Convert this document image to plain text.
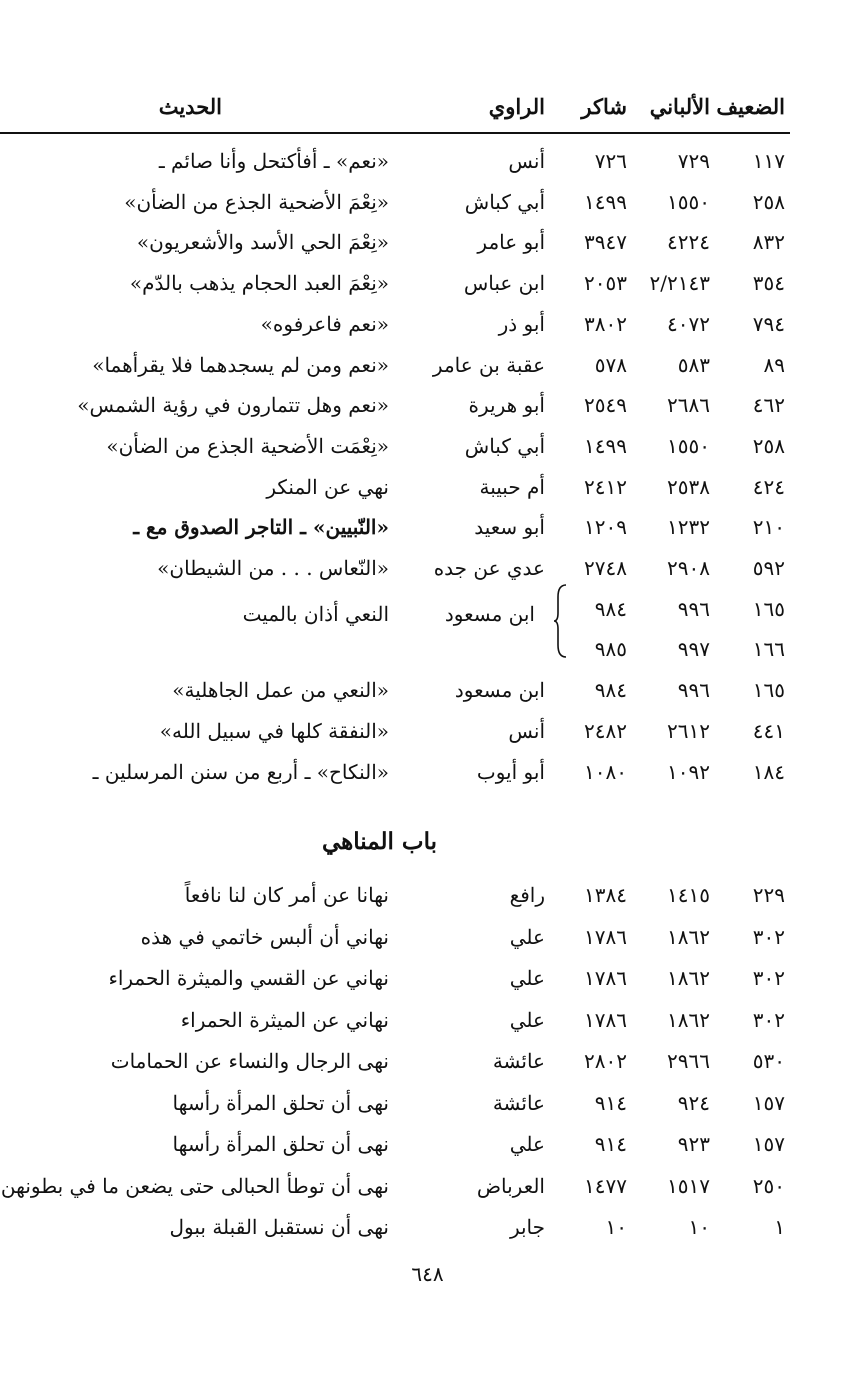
الضعيف
الألباني
شاكر
الراوي
الحديث
١١٧
٧٢٩
٧٢٦
أنس
«نعم» ـ أفأكتحل وأنا صائم ـ
٢٥٨
١٥٥٠
١٤٩٩
أبي كباش
«نِعْمَ الأضحية الجذع من الضأن»
٨٣٢
٤٢٢٤
٣٩٤٧
أبو عامر
«نِعْمَ الحي الأسد والأشعريون»
٣٥٤
٢/٢١٤٣
٢٠٥٣
ابن عباس
«نِعْمَ العبد الحجام يذهب بالدّم»
٧٩٤
٤٠٧٢
٣٨٠٢
أبو ذر
«نعم فاعرفوه»
٨٩
٥٨٣
٥٧٨
عقبة بن عامر
«نعم ومن لم يسجدهما فلا يقرأهما»
٤٦٢
٢٦٨٦
٢٥٤٩
أبو هريرة
«نعم وهل تتمارون في رؤية الشمس»
٢٥٨
١٥٥٠
١٤٩٩
أبي كباش
«نِعْمَت الأضحية الجذع من الضأن»
٤٢٤
٢٥٣٨
٢٤١٢
أم حبيبة
نهي عن المنكر
٢١٠
١٢٣٢
١٢٠٩
أبو سعيد
«النّبيين» ـ التاجر الصدوق مع ـ
٥٩٢
٢٩٠٨
٢٧٤٨
عدي عن جده
«النّعاس . . . من الشيطان»
١٦٥
٩٩٦
٩٨٤
١٦٦
٩٩٧
٩٨٥
١٦٥
٩٩٦
٩٨٤
ابن مسعود
«النعي من عمل الجاهلية»
٤٤١
٢٦١٢
٢٤٨٢
أنس
«النفقة كلها في سبيل الله»
١٨٤
١٠٩٢
١٠٨٠
أبو أيوب
«النكاح» ـ أربع من سنن المرسلين ـ
ابن مسعود
النعي أذان بالميت
باب المناهي
٢٢٩
١٤١٥
١٣٨٤
رافع
نهانا عن أمر كان لنا نافعاً
٣٠٢
١٨٦٢
١٧٨٦
علي
نهاني أن ألبس خاتمي في هذه
٣٠٢
١٨٦٢
١٧٨٦
علي
نهاني عن القسي والميثرة الحمراء
٣٠٢
١٨٦٢
١٧٨٦
علي
نهاني عن الميثرة الحمراء
٥٣٠
٢٩٦٦
٢٨٠٢
عائشة
نهى الرجال والنساء عن الحمامات
١٥٧
٩٢٤
٩١٤
عائشة
نهى أن تحلق المرأة رأسها
١٥٧
٩٢٣
٩١٤
علي
نهى أن تحلق المرأة رأسها
٢٥٠
١٥١٧
١٤٧٧
العرباض
نهى أن توطأ الحبالى حتى يضعن ما في بطونهن
١
١٠
١٠
جابر
نهى أن نستقبل القبلة ببول
٦٤٨
